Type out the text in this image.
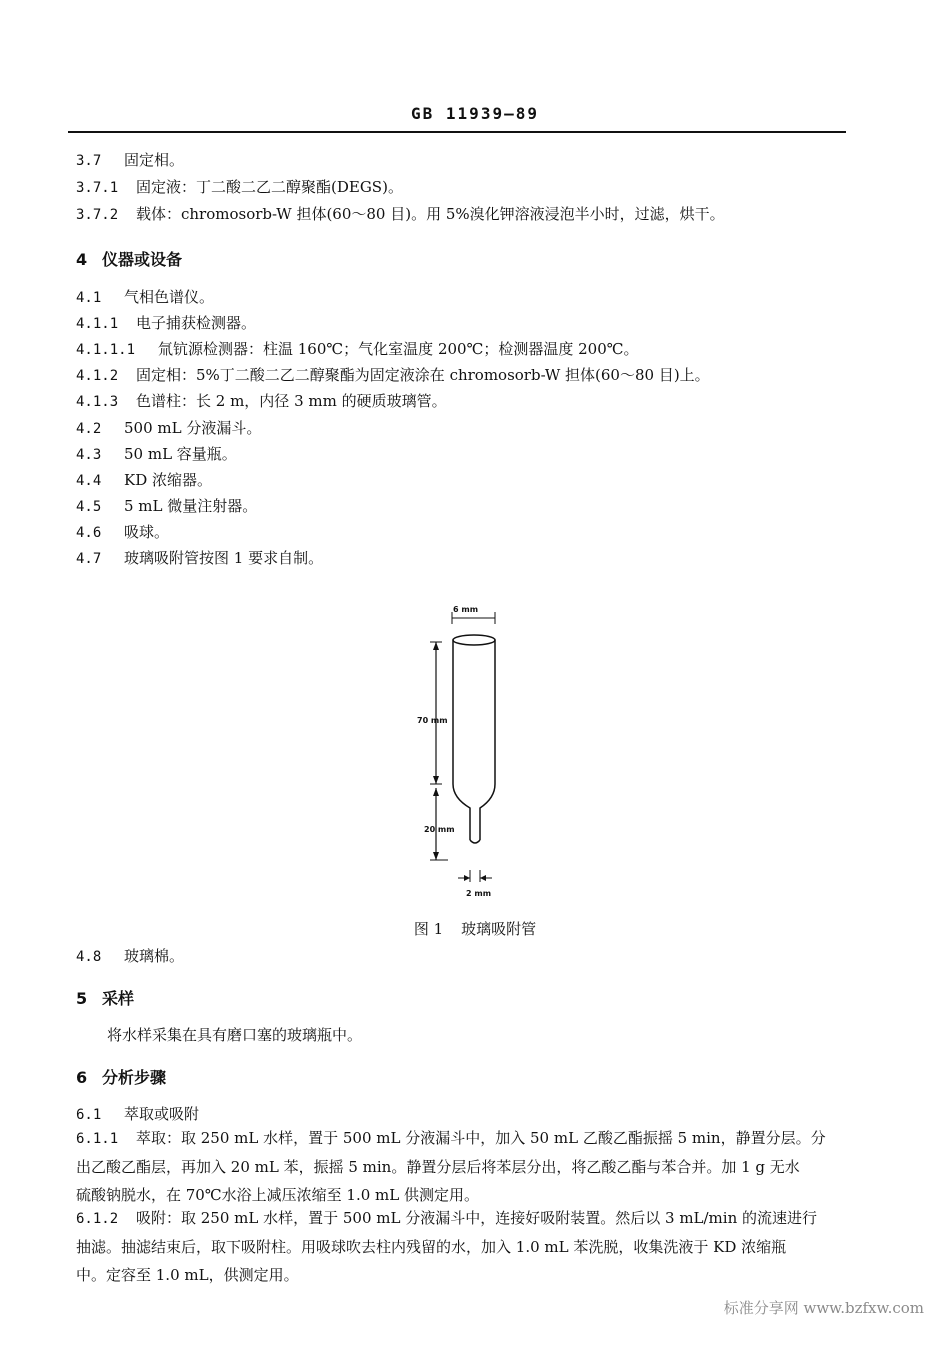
GB 11939—89
3.7 固定相。
3.7.1 固定液：丁二酸二乙二醇聚酯(DEGS)。
3.7.2 载体：chromosorb-W 担体(60～80 目)。用 5%溴化钾溶液浸泡半小时，过滤，烘干。
4 仪器或设备
4.1 气相色谱仪。
4.1.1 电子捕获检测器。
4.1.1.1 氚钪源检测器：柱温 160℃；气化室温度 200℃；检测器温度 200℃。
4.1.2 固定相：5%丁二酸二乙二醇聚酯为固定液涂在 chromosorb-W 担体(60～80 目)上。
4.1.3 色谱柱：长 2 m，内径 3 mm 的硬质玻璃管。
4.2 500 mL 分液漏斗。
4.3 50 mL 容量瓶。
4.4 KD 浓缩器。
4.5 5 mL 微量注射器。
4.6 吸球。
4.7 玻璃吸附管按图 1 要求自制。
6 mm
70 mm
20 mm
2 mm
图 1 玻璃吸附管
4.8 玻璃棉。
5 采样
将水样采集在具有磨口塞的玻璃瓶中。
6 分析步骤
6.1 萃取或吸附
6.1.1 萃取：取 250 mL 水样，置于 500 mL 分液漏斗中，加入 50 mL 乙酸乙酯振摇 5 min，静置分层。分
出乙酸乙酯层，再加入 20 mL 苯，振摇 5 min。静置分层后将苯层分出，将乙酸乙酯与苯合并。加 1 g 无水
硫酸钠脱水，在 70℃水浴上减压浓缩至 1.0 mL 供测定用。
6.1.2 吸附：取 250 mL 水样，置于 500 mL 分液漏斗中，连接好吸附装置。然后以 3 mL/min 的流速进行
抽滤。抽滤结束后，取下吸附柱。用吸球吹去柱内残留的水，加入 1.0 mL 苯洗脱，收集洗液于 KD 浓缩瓶
中。定容至 1.0 mL，供测定用。
标准分享网 www.bzfxw.com
